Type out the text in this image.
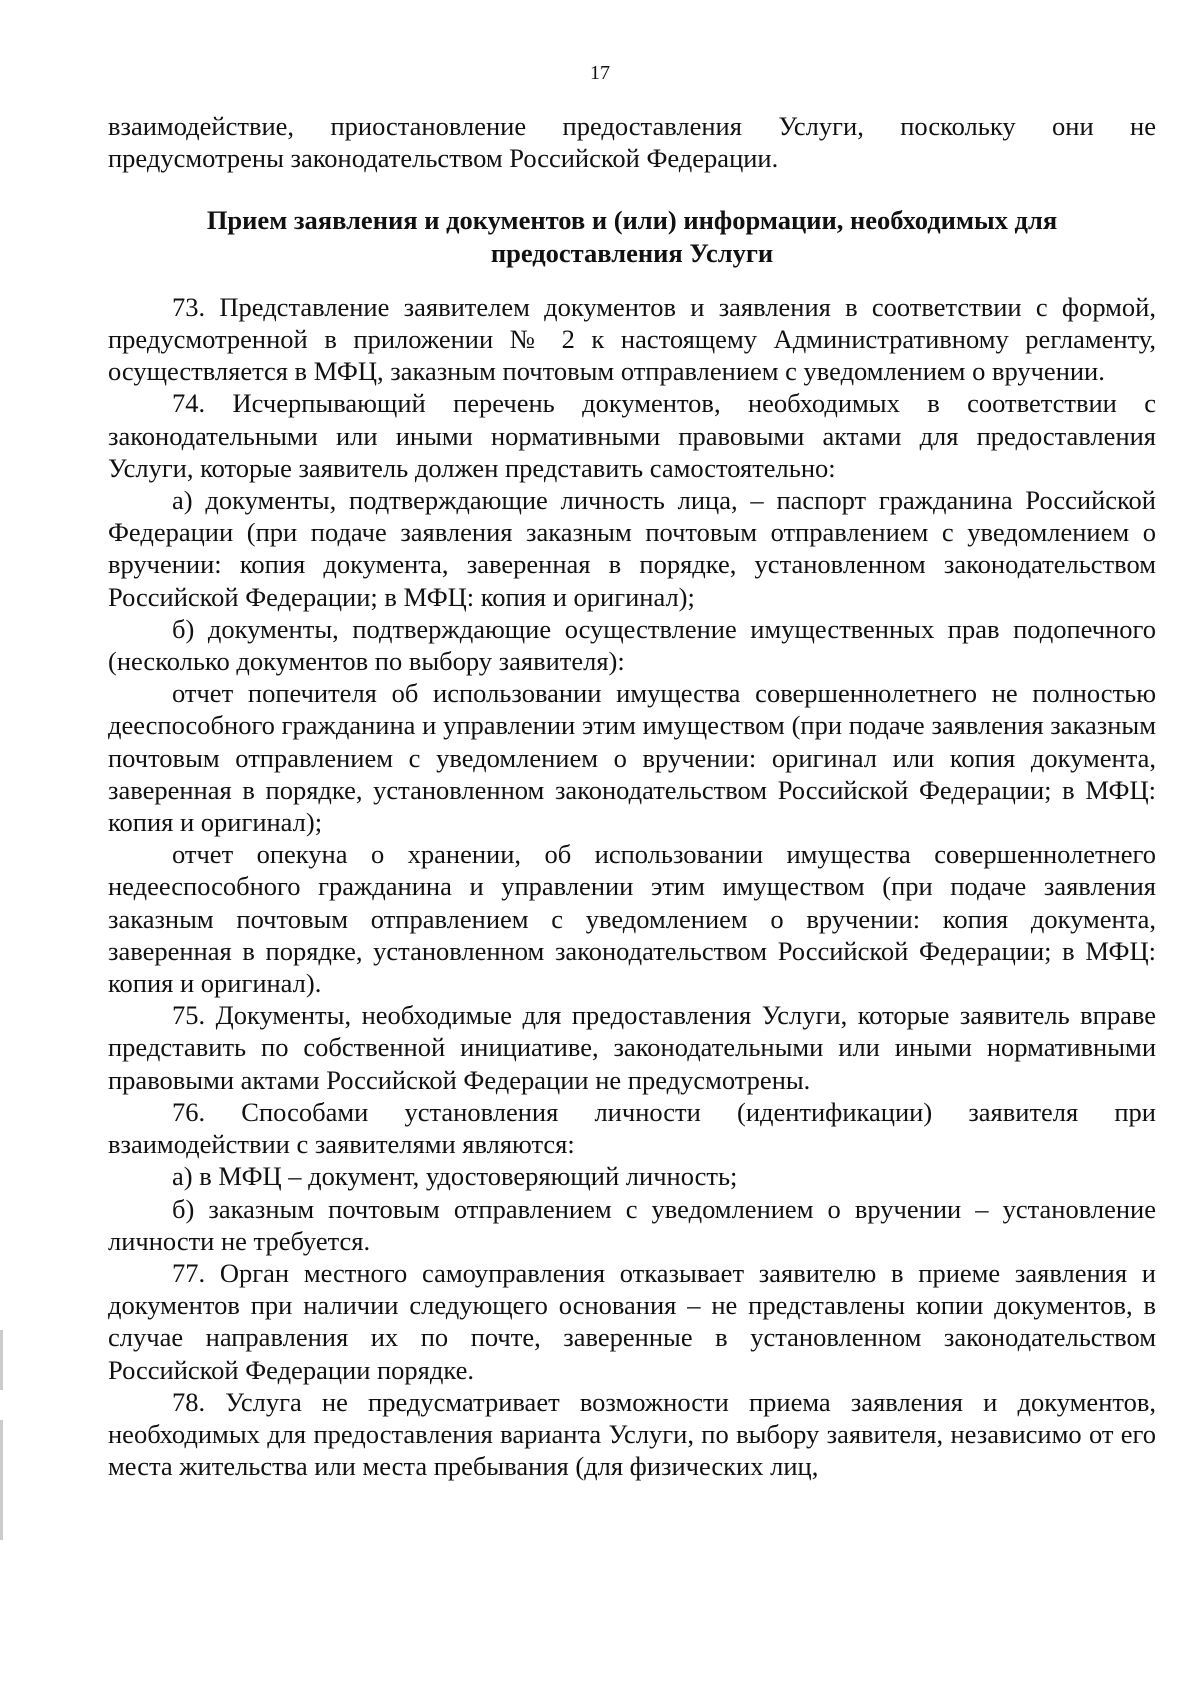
17

взаимодействие, приостановление предоставления Услуги, поскольку они не предусмотрены законодательством Российской Федерации.

Прием заявления и документов и (или) информации, необходимых для предоставления Услуги

73. Представление заявителем документов и заявления в соответствии с формой, предусмотренной в приложении № 2 к настоящему Административному регламенту, осуществляется в МФЦ, заказным почтовым отправлением с уведомлением о вручении.

74. Исчерпывающий перечень документов, необходимых в соответствии с законодательными или иными нормативными правовыми актами для предоставления Услуги, которые заявитель должен представить самостоятельно:

а) документы, подтверждающие личность лица, – паспорт гражданина Российской Федерации (при подаче заявления заказным почтовым отправлением с уведомлением о вручении: копия документа, заверенная в порядке, установленном законодательством Российской Федерации; в МФЦ: копия и оригинал);

б) документы, подтверждающие осуществление имущественных прав подопечного (несколько документов по выбору заявителя):

отчет попечителя об использовании имущества совершеннолетнего не полностью дееспособного гражданина и управлении этим имуществом (при подаче заявления заказным почтовым отправлением с уведомлением о вручении: оригинал или копия документа, заверенная в порядке, установленном законодательством Российской Федерации; в МФЦ: копия и оригинал);

отчет опекуна о хранении, об использовании имущества совершеннолетнего недееспособного гражданина и управлении этим имуществом (при подаче заявления заказным почтовым отправлением с уведомлением о вручении: копия документа, заверенная в порядке, установленном законодательством Российской Федерации; в МФЦ: копия и оригинал).

75. Документы, необходимые для предоставления Услуги, которые заявитель вправе представить по собственной инициативе, законодательными или иными нормативными правовыми актами Российской Федерации не предусмотрены.

76. Способами установления личности (идентификации) заявителя при взаимодействии с заявителями являются:

а) в МФЦ – документ, удостоверяющий личность;

б) заказным почтовым отправлением с уведомлением о вручении – установление личности не требуется.

77. Орган местного самоуправления отказывает заявителю в приеме заявления и документов при наличии следующего основания – не представлены копии документов, в случае направления их по почте, заверенные в установленном законодательством Российской Федерации порядке.

78. Услуга не предусматривает возможности приема заявления и документов, необходимых для предоставления варианта Услуги, по выбору заявителя, независимо от его места жительства или места пребывания (для физических лиц,
